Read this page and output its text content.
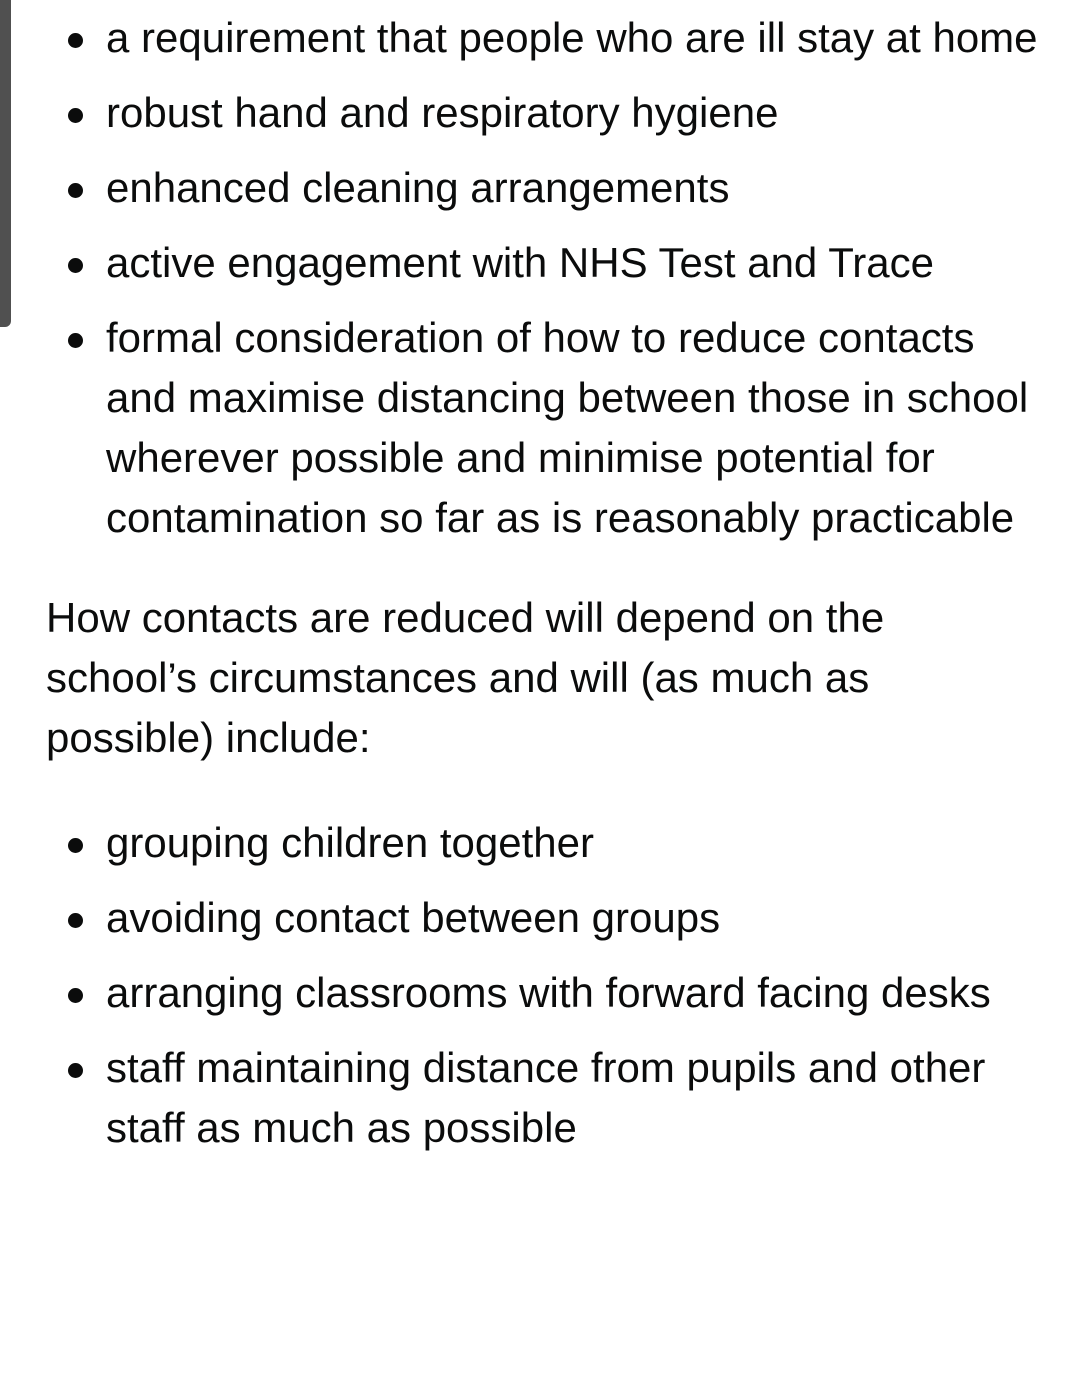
a requirement that people who are ill stay at home
robust hand and respiratory hygiene
enhanced cleaning arrangements
active engagement with NHS Test and Trace
formal consideration of how to reduce contacts and maximise distancing between those in school wherever possible and minimise potential for contamination so far as is reasonably practicable

How contacts are reduced will depend on the school’s circumstances and will (as much as possible) include:

grouping children together
avoiding contact between groups
arranging classrooms with forward facing desks
staff maintaining distance from pupils and other staff as much as possible
